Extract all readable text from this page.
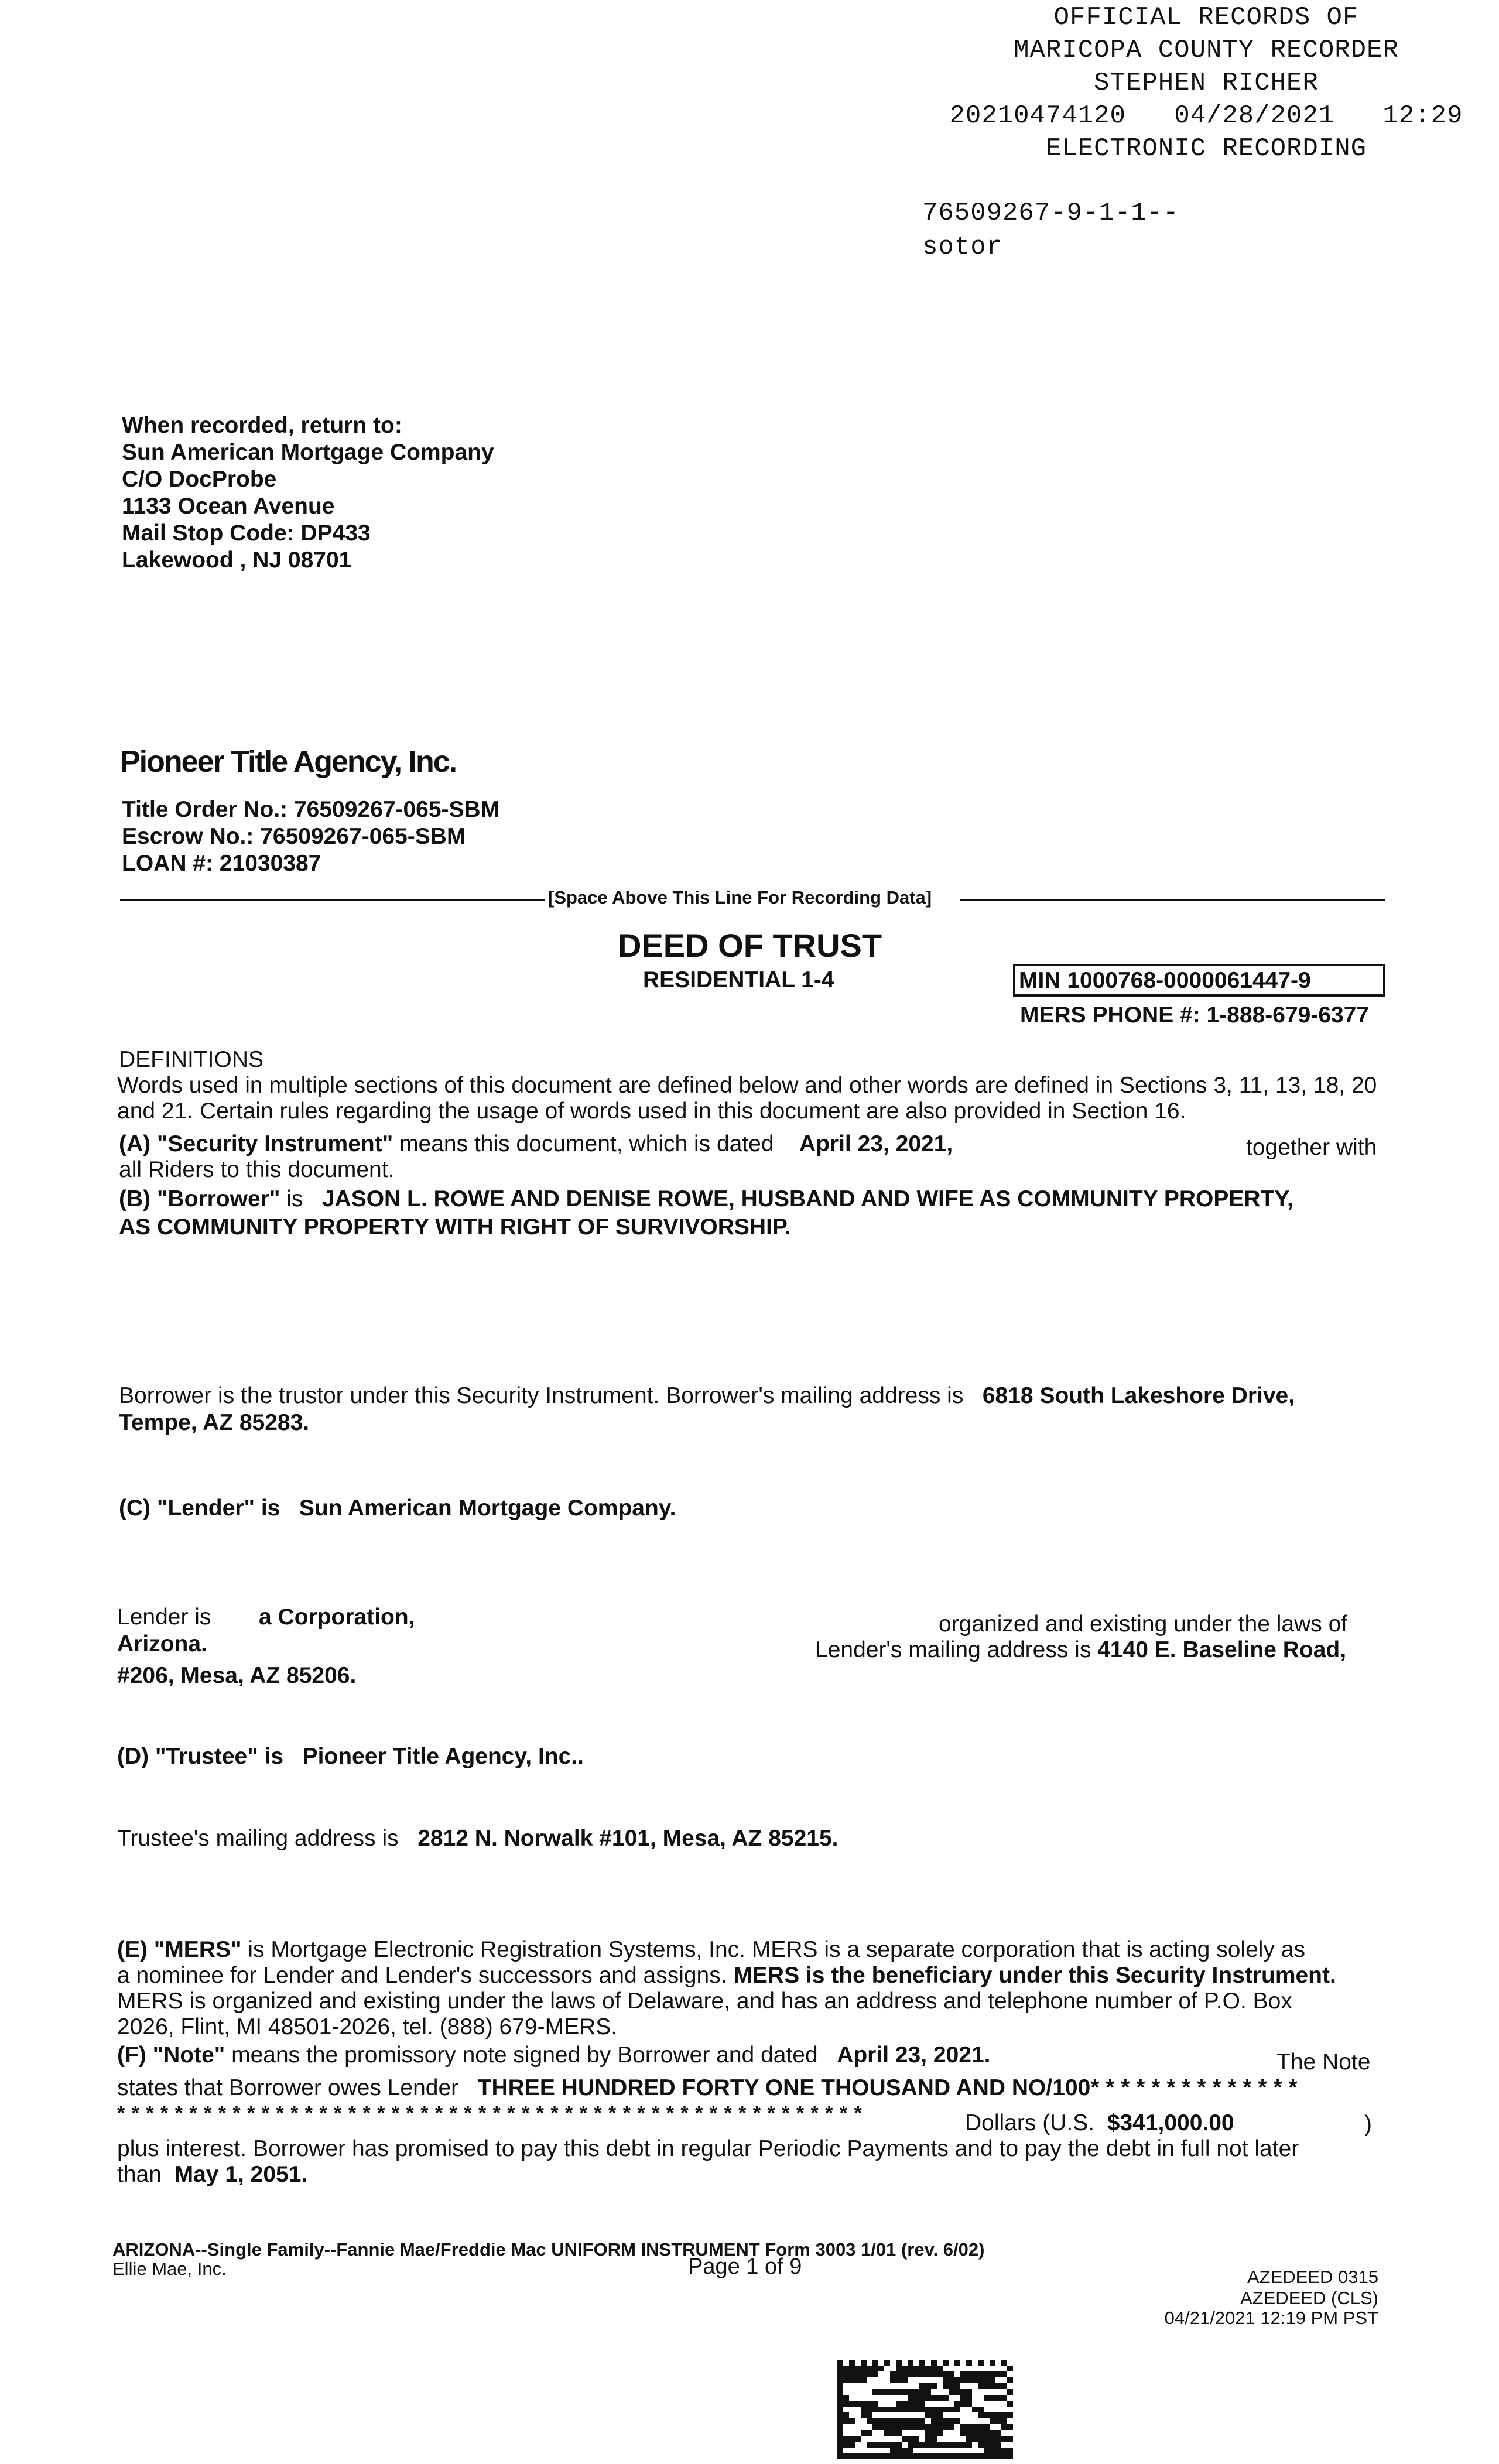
OFFICIAL RECORDS OF
MARICOPA COUNTY RECORDER
STEPHEN RICHER
20210474120 04/28/2021 12:29
ELECTRONIC RECORDING
76509267-9-1-1--
sotor
When recorded, return to:
Sun American Mortgage Company
C/O DocProbe
1133 Ocean Avenue
Mail Stop Code: DP433
Lakewood , NJ 08701
Pioneer Title Agency, Inc.
Title Order No.: 76509267-065-SBM
Escrow No.: 76509267-065-SBM
LOAN #: 21030387
[Space Above This Line For Recording Data]
DEED OF TRUST
RESIDENTIAL 1-4	MIN 1000768-0000061447-9
MERS PHONE #: 1-888-679-6377
DEFINITIONS

Words used in multiple sections of this document are defined below and other words are defined in Sections 3, 11, 13, 18, 20 and 21. Certain rules regarding the usage of words used in this document are also provided in Section 16.

(A) "Security Instrument" means this document, which is dated April 23, 2021,	together with
all Riders to this document.
(B) "Borrower" is JASON L. ROWE AND DENISE ROWE, HUSBAND AND WIFE AS COMMUNITY PROPERTY,
AS COMMUNITY PROPERTY WITH RIGHT OF SURVIVORSHIP.
Borrower is the trustor under this Security Instrument. Borrower's mailing address is 6818 South Lakeshore Drive,
Tempe, AZ 85283.
(C) "Lender" is Sun American Mortgage Company.
Lender is a Corporation,	organized and existing under the laws of
Arizona.	Lender's mailing address is 4140 E. Baseline Road,
#206, Mesa, AZ 85206.
(D) "Trustee" is Pioneer Title Agency, Inc..
Trustee's mailing address is 2812 N. Norwalk #101, Mesa, AZ 85215.
(E) "MERS" is Mortgage Electronic Registration Systems, Inc. MERS is a separate corporation that is acting solely as
a nominee for Lender and Lender's successors and assigns. MERS is the beneficiary under this Security Instrument.
MERS is organized and existing under the laws of Delaware, and has an address and telephone number of P.O. Box
2026, Flint, MI 48501-2026, tel. (888) 679-MERS.
(F) "Note" means the promissory note signed by Borrower and dated April 23, 2021.	The Note
states that Borrower owes Lender THREE HUNDRED FORTY ONE THOUSAND AND NO/100* * * * * * * * * * * * * *
* * * * * * * * * * * * * * * * * * * * * * * * * * * * * * * * * * * * * * * * * * * * * * * * * * * *	Dollars (U.S. $341,000.00	)
plus interest. Borrower has promised to pay this debt in regular Periodic Payments and to pay the debt in full not later
than May 1, 2051.
ARIZONA--Single Family--Fannie Mae/Freddie Mac UNIFORM INSTRUMENT Form 3003 1/01 (rev. 6/02)
Ellie Mae, Inc.	Page 1 of 9	AZEDEED 0315
AZEDEED (CLS)
04/21/2021 12:19 PM PST
